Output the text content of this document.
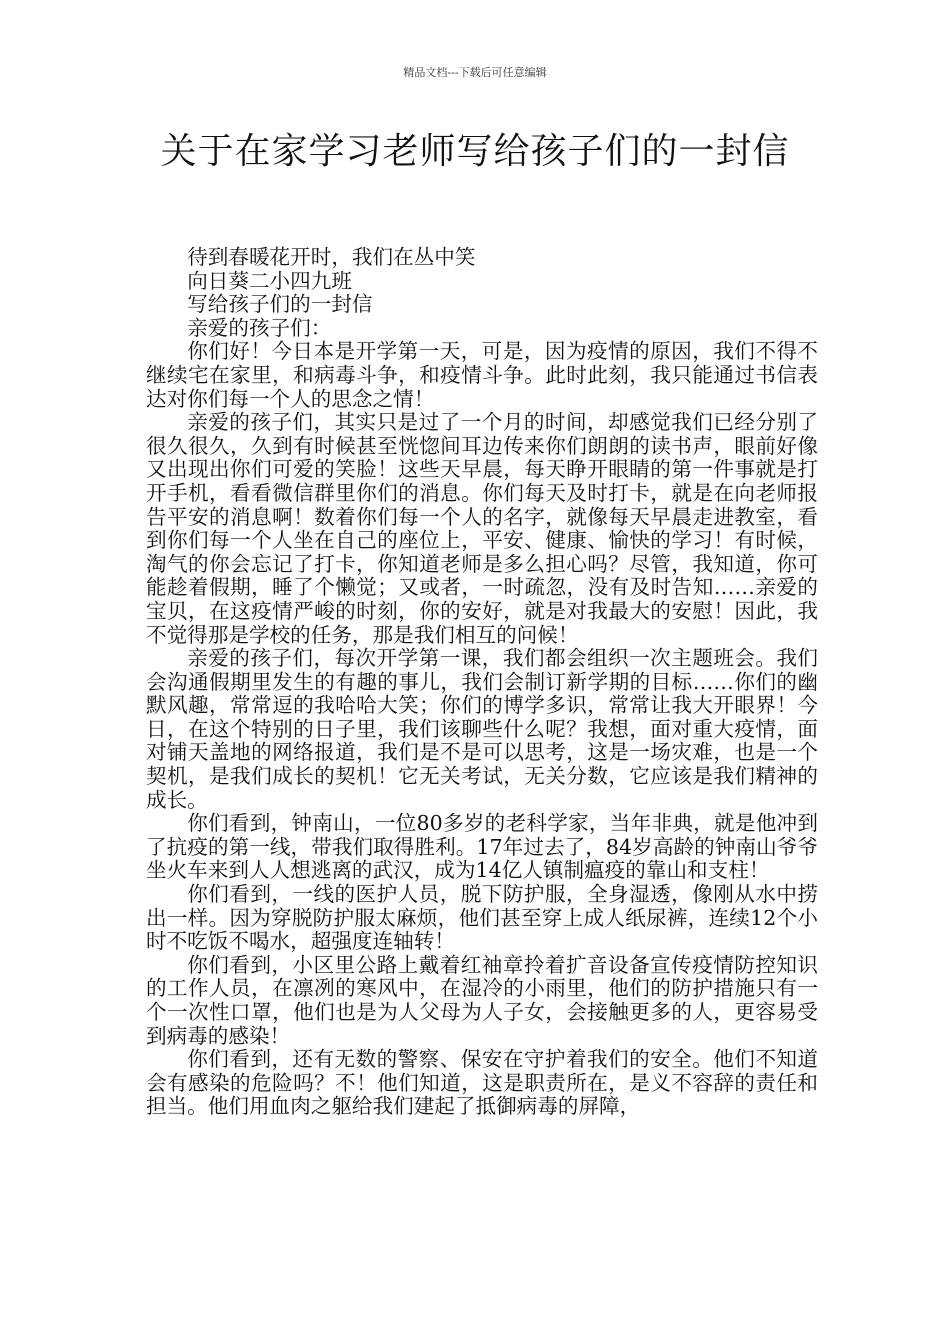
精品文档---下载后可任意编辑
关于在家学习老师写给孩子们的一封信

待到春暖花开时，我们在丛中笑

向日葵二小四九班

写给孩子们的一封信

亲爱的孩子们：

你们好！今日本是开学第一天，可是，因为疫情的原因，我们不得不继续宅在家里，和病毒斗争，和疫情斗争。此时此刻，我只能通过书信表达对你们每一个人的思念之情！

亲爱的孩子们，其实只是过了一个月的时间，却感觉我们已经分别了很久很久，久到有时候甚至恍惚间耳边传来你们朗朗的读书声，眼前好像又出现出你们可爱的笑脸！这些天早晨，每天睁开眼睛的第一件事就是打开手机，看看微信群里你们的消息。你们每天及时打卡，就是在向老师报告平安的消息啊！数着你们每一个人的名字，就像每天早晨走进教室，看到你们每一个人坐在自己的座位上，平安、健康、愉快的学习！有时候，淘气的你会忘记了打卡，你知道老师是多么担心吗？尽管，我知道，你可能趁着假期，睡了个懒觉；又或者，一时疏忽，没有及时告知……亲爱的宝贝，在这疫情严峻的时刻，你的安好，就是对我最大的安慰！因此，我不觉得那是学校的任务，那是我们相互的问候！

亲爱的孩子们，每次开学第一课，我们都会组织一次主题班会。我们会沟通假期里发生的有趣的事儿，我们会制订新学期的目标……你们的幽默风趣，常常逗的我哈哈大笑；你们的博学多识，常常让我大开眼界！今日，在这个特别的日子里，我们该聊些什么呢？我想，面对重大疫情，面对铺天盖地的网络报道，我们是不是可以思考，这是一场灾难，也是一个契机，是我们成长的契机！它无关考试，无关分数，它应该是我们精神的成长。

你们看到，钟南山，一位80多岁的老科学家，当年非典，就是他冲到了抗疫的第一线，带我们取得胜利。17年过去了，84岁高龄的钟南山爷爷坐火车来到人人想逃离的武汉，成为14亿人镇制瘟疫的靠山和支柱！

你们看到，一线的医护人员，脱下防护服，全身湿透，像刚从水中捞出一样。因为穿脱防护服太麻烦，他们甚至穿上成人纸尿裤，连续12个小时不吃饭不喝水，超强度连轴转！

你们看到，小区里公路上戴着红袖章拎着扩音设备宣传疫情防控知识的工作人员，在凛冽的寒风中，在湿冷的小雨里，他们的防护措施只有一个一次性口罩，他们也是为人父母为人子女，会接触更多的人，更容易受到病毒的感染！

你们看到，还有无数的警察、保安在守护着我们的安全。他们不知道会有感染的危险吗？不！他们知道，这是职责所在，是义不容辞的责任和担当。他们用血肉之躯给我们建起了抵御病毒的屏障，
